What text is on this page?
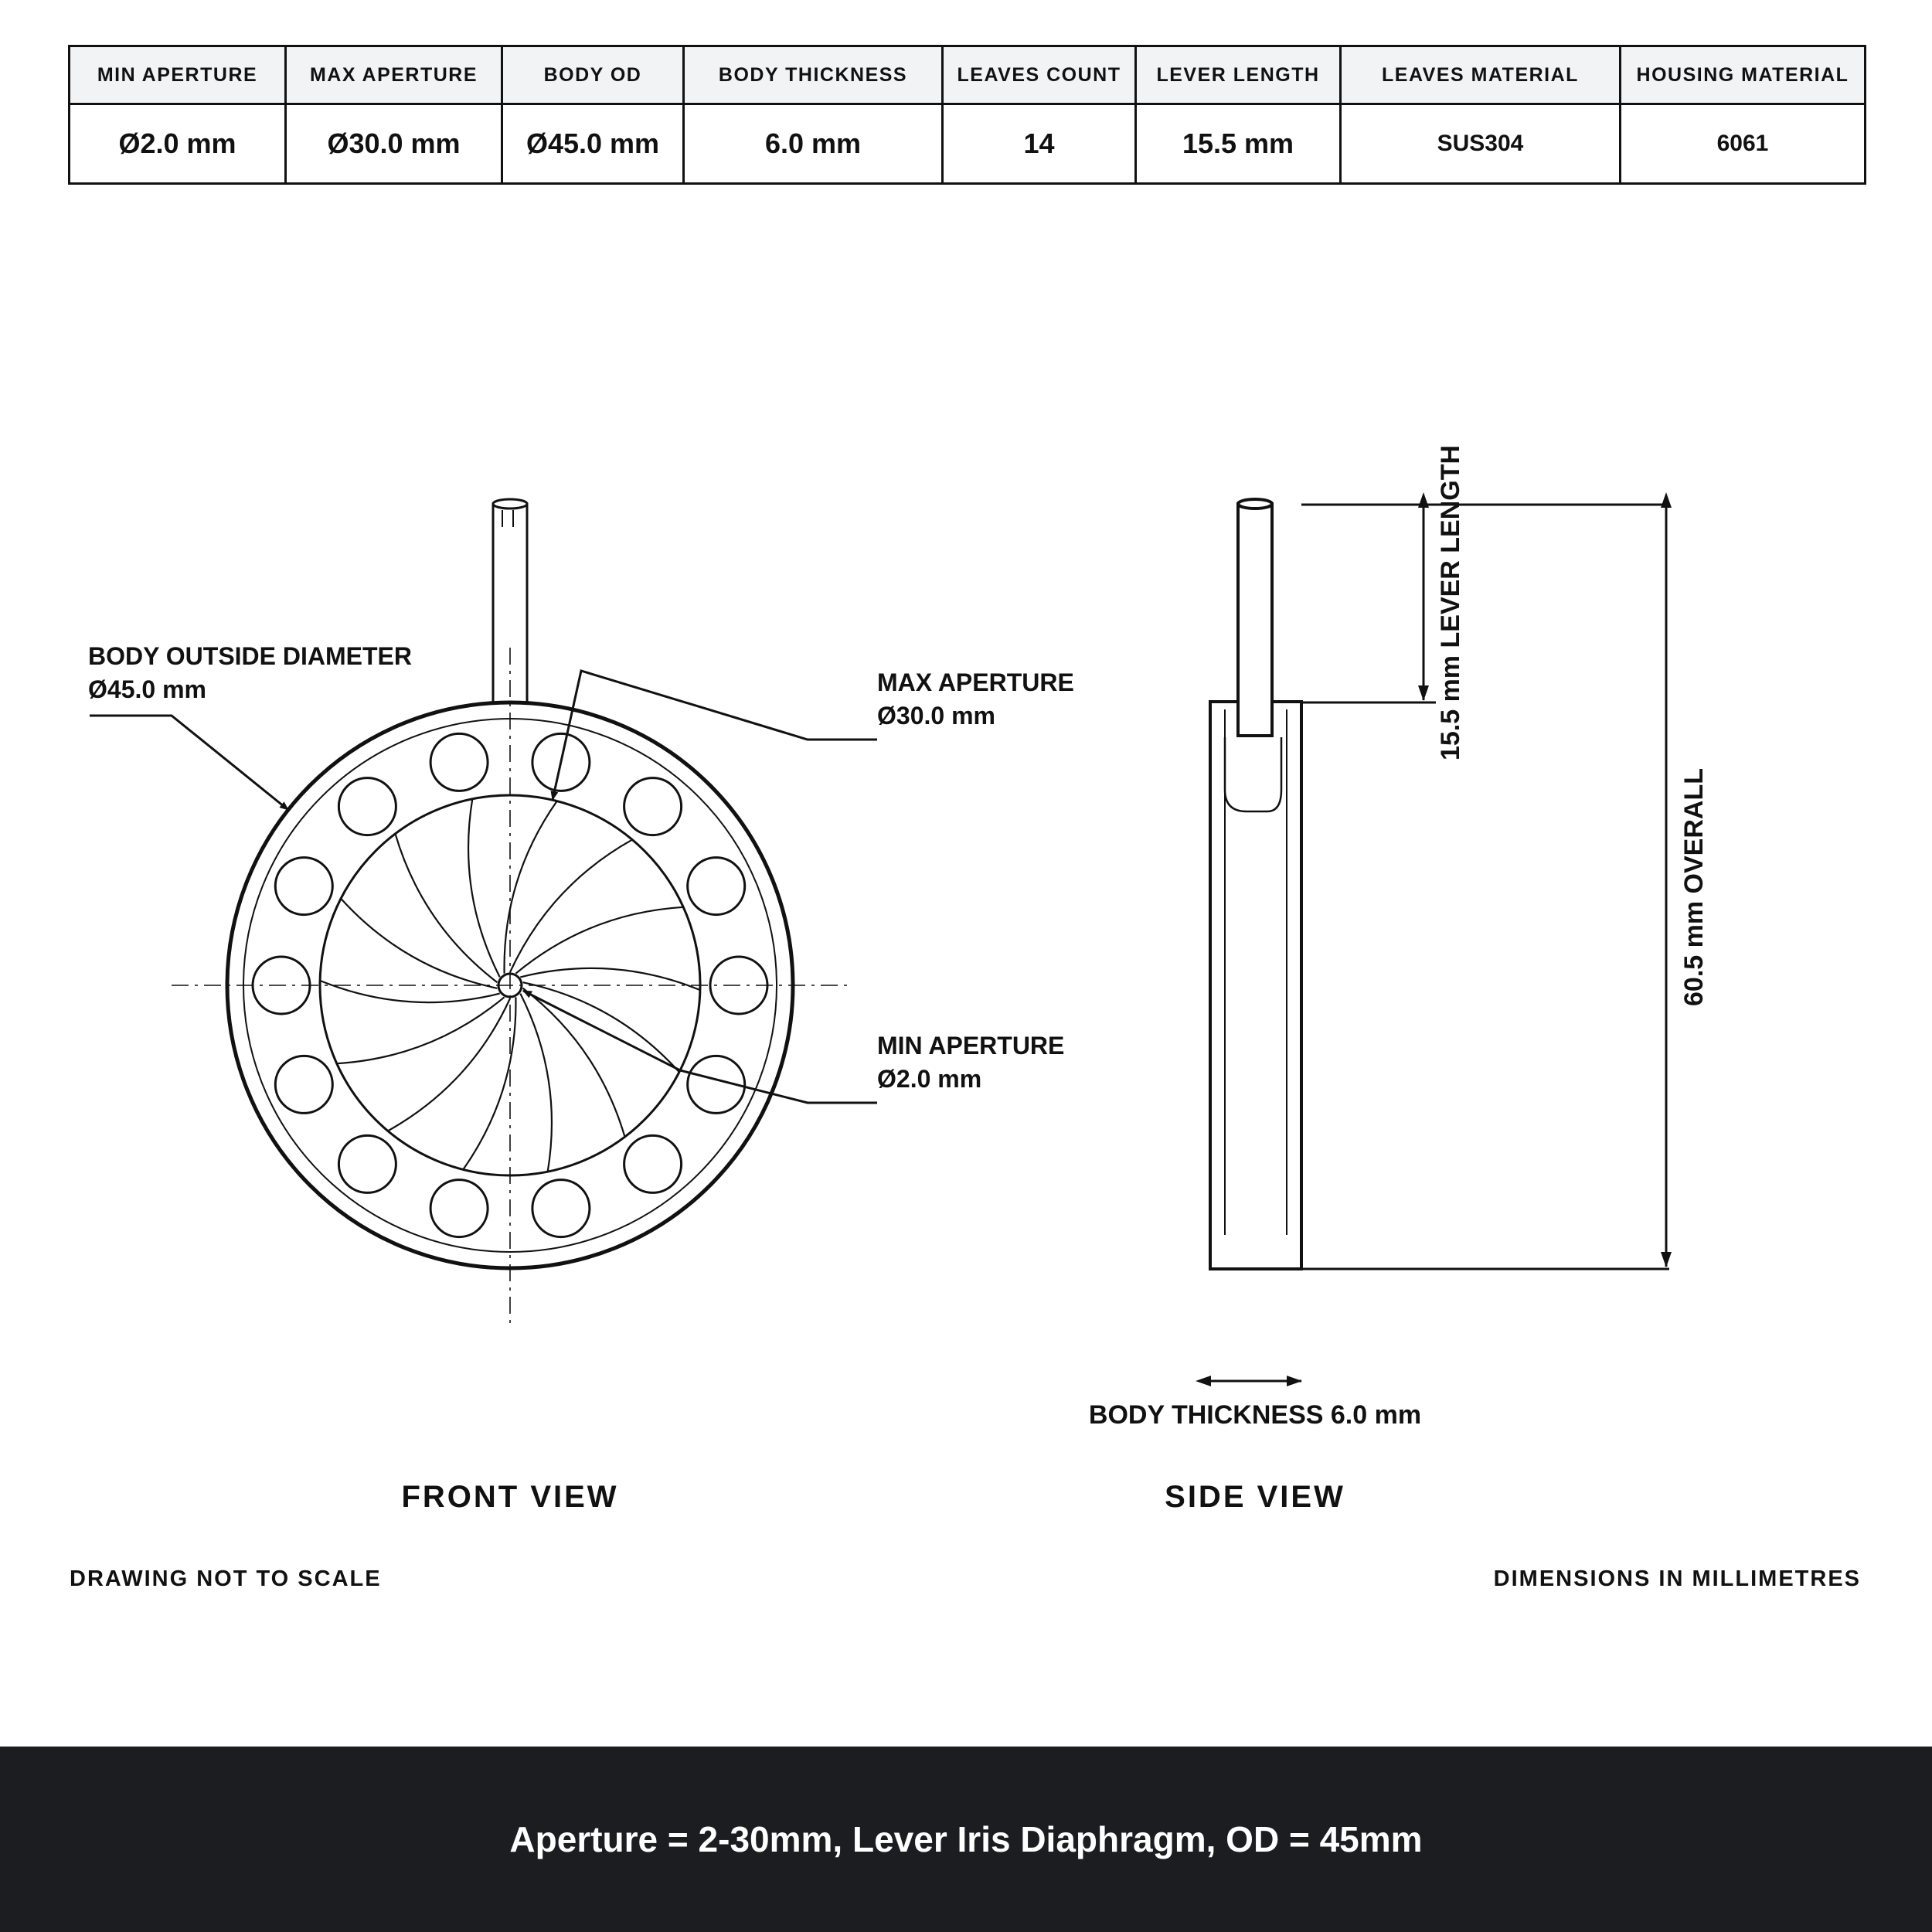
MIN APERTURE	MAX APERTURE	BODY OD	BODY THICKNESS	LEAVES COUNT	LEVER LENGTH	LEAVES MATERIAL	HOUSING MATERIAL
Ø2.0 mm	Ø30.0 mm	Ø45.0 mm	6.0 mm	14	15.5 mm	SUS304	6061
BODY OUTSIDE DIAMETER
Ø45.0 mm	MAX APERTURE
Ø30.0 mm
MIN APERTURE
Ø2.0 mm
FRONT VIEW
15.5 mm LEVER LENGTH
60.5 mm OVERALL
BODY THICKNESS 6.0 mm
SIDE VIEW
DRAWING NOT TO SCALE	DIMENSIONS IN MILLIMETRES
Aperture = 2-30mm, Lever Iris Diaphragm, OD = 45mm
